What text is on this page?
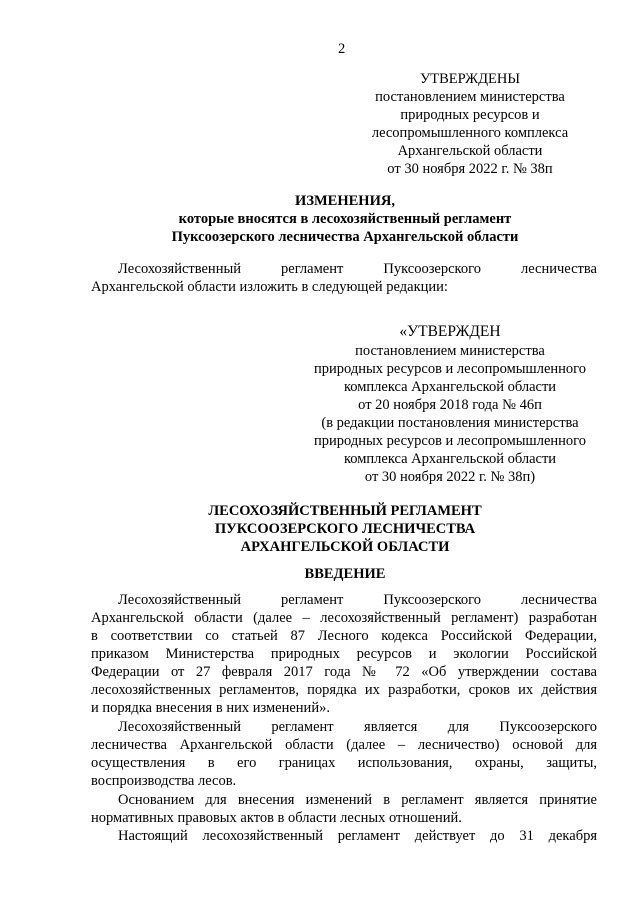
2
УТВЕРЖДЕНЫ
постановлением министерства
природных ресурсов и
лесопромышленного комплекса
Архангельской области
от 30 ноября 2022 г. № 38п
ИЗМЕНЕНИЯ,
которые вносятся в лесохозяйственный регламент
Пуксоозерского лесничества Архангельской области
Лесохозяйственный	регламент	Пуксоозерского	лесничества
Архангельской области изложить в следующей редакции:
«УТВЕРЖДЕН
постановлением министерства
природных ресурсов и лесопромышленного
комплекса Архангельской области
от 20 ноября 2018 года № 46п
(в редакции постановления министерства
природных ресурсов и лесопромышленного
комплекса Архангельской области
от 30 ноября 2022 г. № 38п)
ЛЕСОХОЗЯЙСТВЕННЫЙ РЕГЛАМЕНТ
ПУКСООЗЕРСКОГО ЛЕСНИЧЕСТВА
АРХАНГЕЛЬСКОЙ ОБЛАСТИ
ВВЕДЕНИЕ
Лесохозяйственный регламент Пуксоозерского лесничества
Архангельской области (далее – лесохозяйственный регламент) разработан
в соответствии со статьей 87 Лесного кодекса Российской Федерации,
приказом Министерства природных ресурсов и экологии Российской
Федерации от 27 февраля 2017 года № 72 «Об утверждении состава
лесохозяйственных регламентов, порядка их разработки, сроков их действия
и порядка внесения в них изменений».
Лесохозяйственный регламент является для Пуксоозерского
лесничества Архангельской области (далее – лесничество) основой для
осуществления в его границах использования, охраны, защиты,
воспроизводства лесов.
Основанием для внесения изменений в регламент является принятие
нормативных правовых актов в области лесных отношений.
Настоящий лесохозяйственный регламент действует до 31 декабря
